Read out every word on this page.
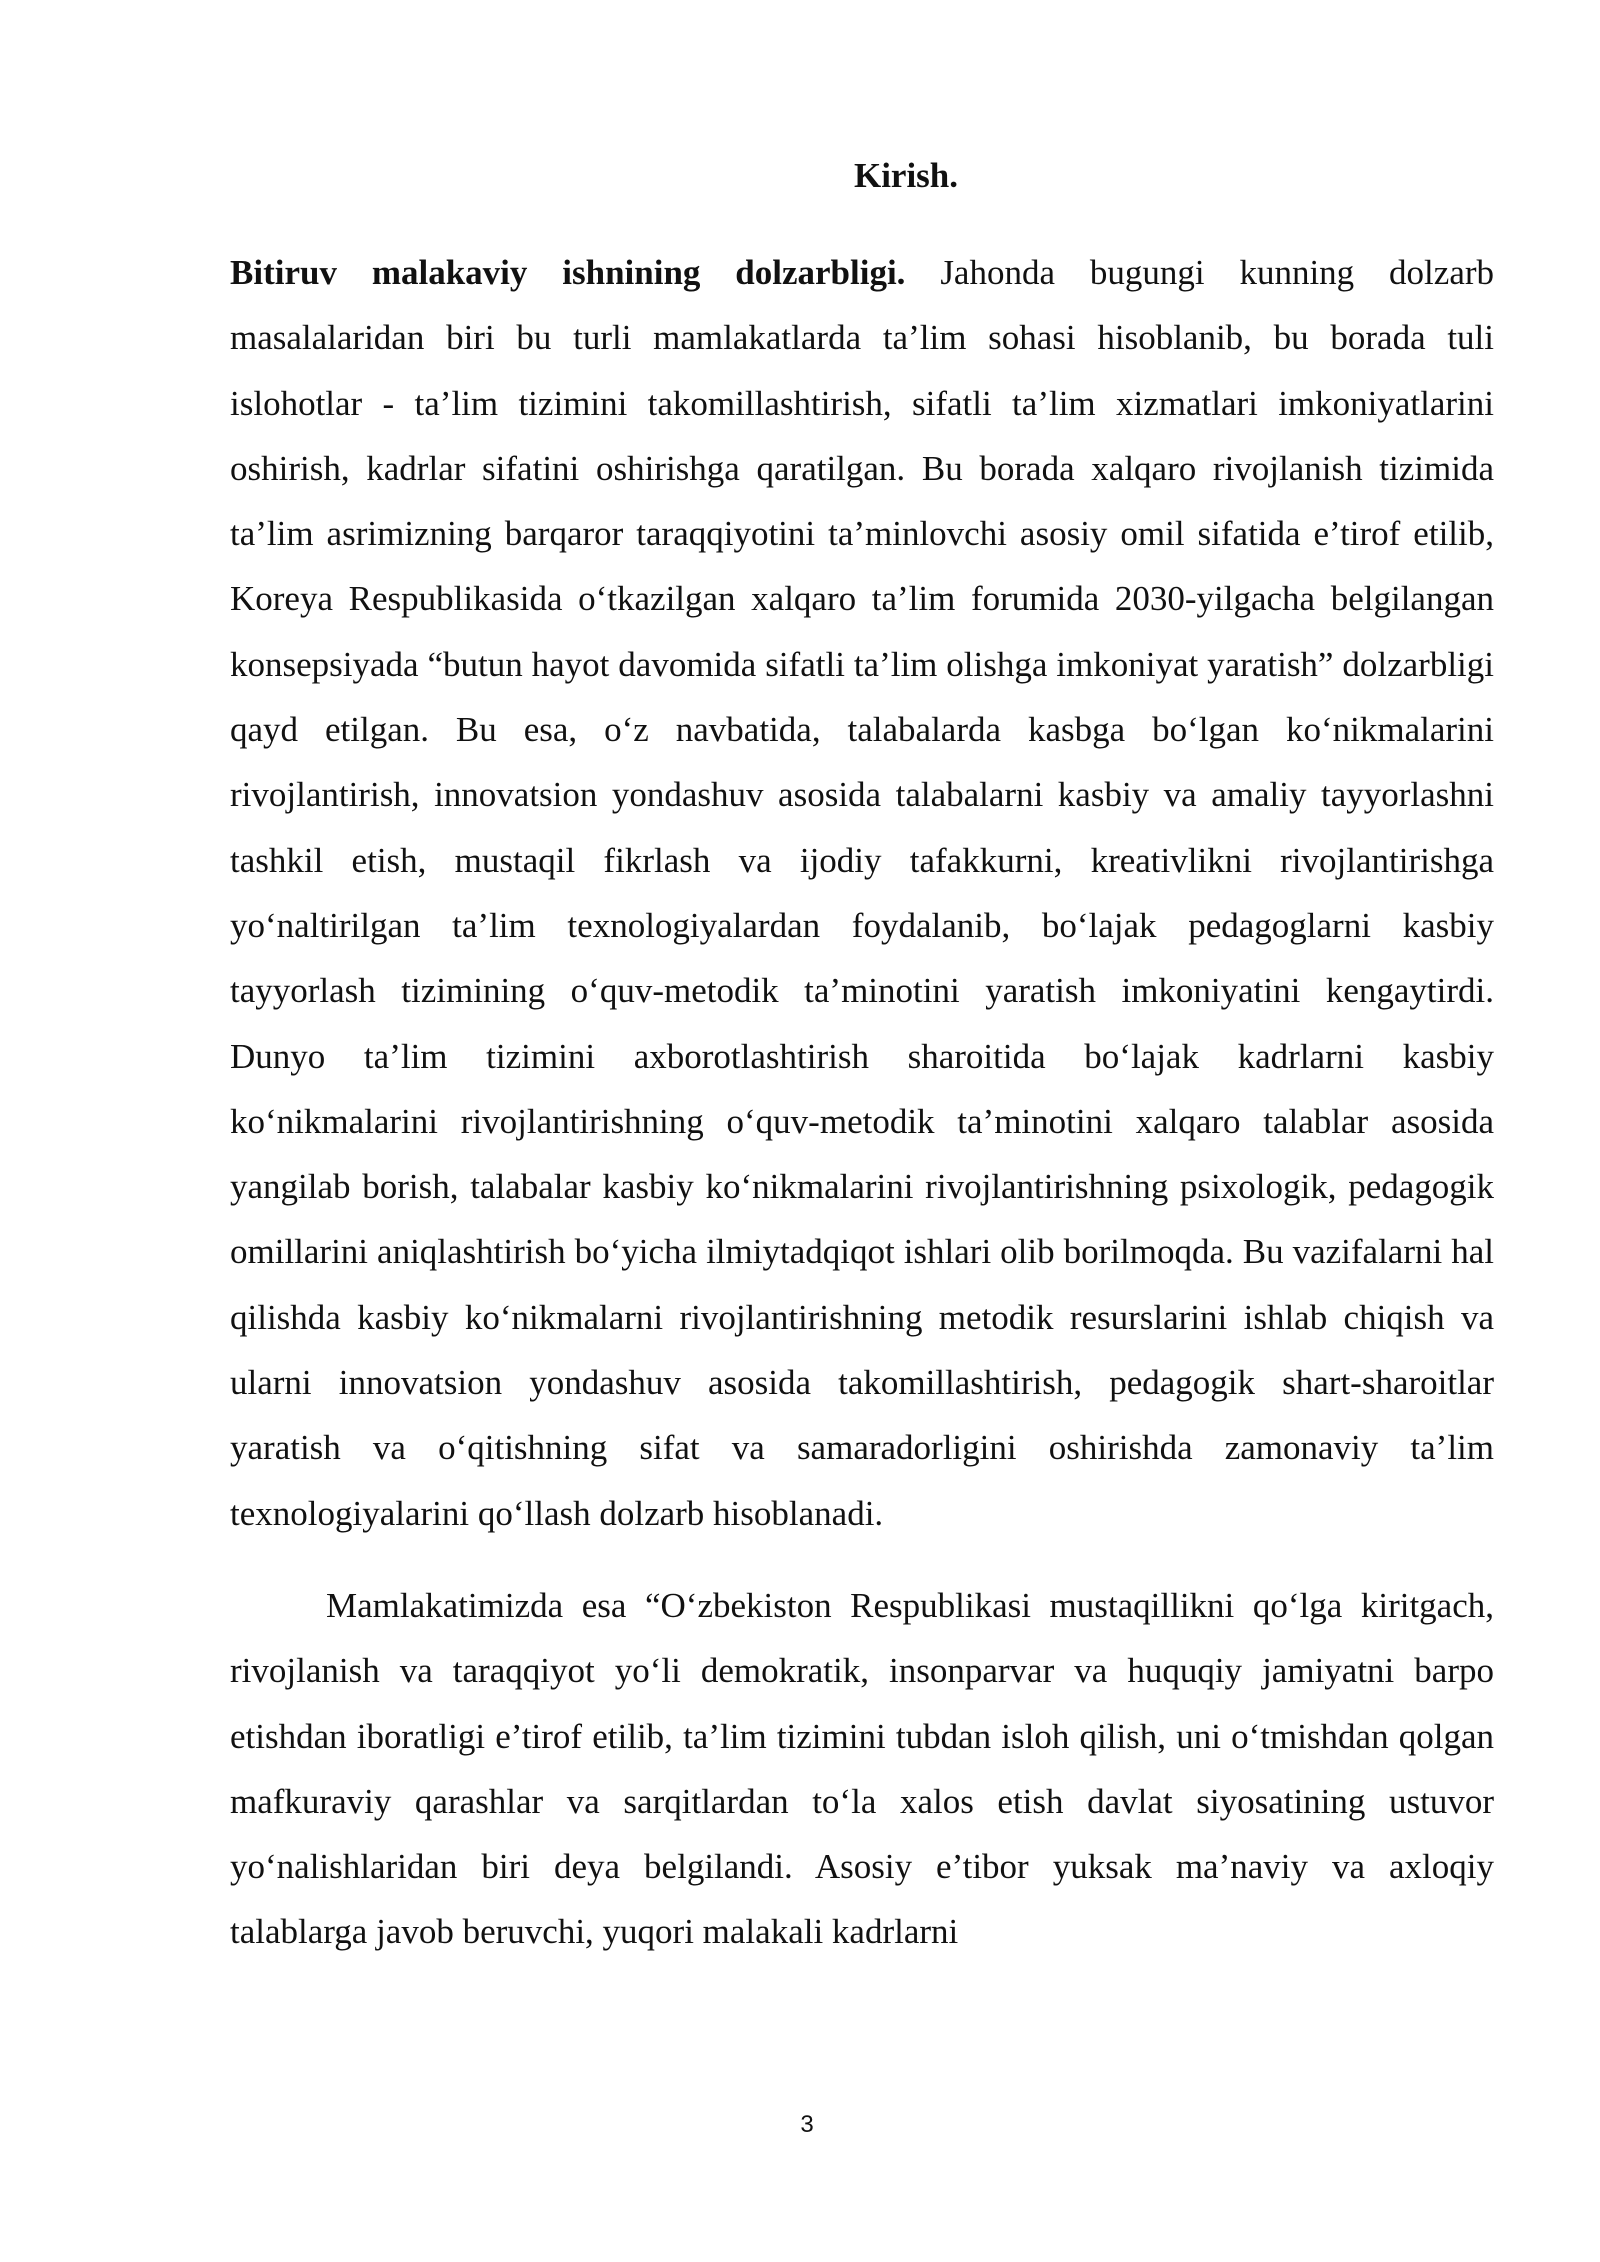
Kirish.

Bitiruv malakaviy ishnining dolzarbligi. Jahonda bugungi kunning dolzarb masalalaridan biri bu turli mamlakatlarda ta’lim sohasi hisoblanib, bu borada tuli islohotlar - ta’lim tizimini takomillashtirish, sifatli ta’lim xizmatlari imkoniyatlarini oshirish, kadrlar sifatini oshirishga qaratilgan. Bu borada xalqaro rivojlanish tizimida ta’lim asrimizning barqaror taraqqiyotini ta’minlovchi asosiy omil sifatida e’tirof etilib, Koreya Respublikasida oʻtkazilgan xalqaro ta’lim forumida 2030-yilgacha belgilangan konsepsiyada “butun hayot davomida sifatli ta’lim olishga imkoniyat yaratish” dolzarbligi qayd etilgan. Bu esa, oʻz navbatida, talabalarda kasbga boʻlgan koʻnikmalarini rivojlantirish, innovatsion yondashuv asosida talabalarni kasbiy va amaliy tayyorlashni tashkil etish, mustaqil fikrlash va ijodiy tafakkurni, kreativlikni rivojlantirishga yoʻnaltirilgan ta’lim texnologiyalardan foydalanib, boʻlajak pedagoglarni kasbiy tayyorlash tizimining oʻquv-metodik ta’minotini yaratish imkoniyatini kengaytirdi. Dunyo ta’lim tizimini axborotlashtirish sharoitida boʻlajak kadrlarni kasbiy koʻnikmalarini rivojlantirishning oʻquv-metodik ta’minotini xalqaro talablar asosida yangilab borish, talabalar kasbiy koʻnikmalarini rivojlantirishning psixologik, pedagogik omillarini aniqlashtirish boʻyicha ilmiytadqiqot ishlari olib borilmoqda. Bu vazifalarni hal qilishda kasbiy koʻnikmalarni rivojlantirishning metodik resurslarini ishlab chiqish va ularni innovatsion yondashuv asosida takomillashtirish, pedagogik shart-sharoitlar yaratish va oʻqitishning sifat va samaradorligini oshirishda zamonaviy ta’lim texnologiyalarini qoʻllash dolzarb hisoblanadi.

Mamlakatimizda esa “Oʻzbekiston Respublikasi mustaqillikni qoʻlga kiritgach, rivojlanish va taraqqiyot yoʻli demokratik, insonparvar va huquqiy jamiyatni barpo etishdan iboratligi e’tirof etilib, ta’lim tizimini tubdan isloh qilish, uni oʻtmishdan qolgan mafkuraviy qarashlar va sarqitlardan toʻla xalos etish davlat siyosatining ustuvor yoʻnalishlaridan biri deya belgilandi. Asosiy e’tibor yuksak ma’naviy va axloqiy talablarga javob beruvchi, yuqori malakali kadrlarni

3
